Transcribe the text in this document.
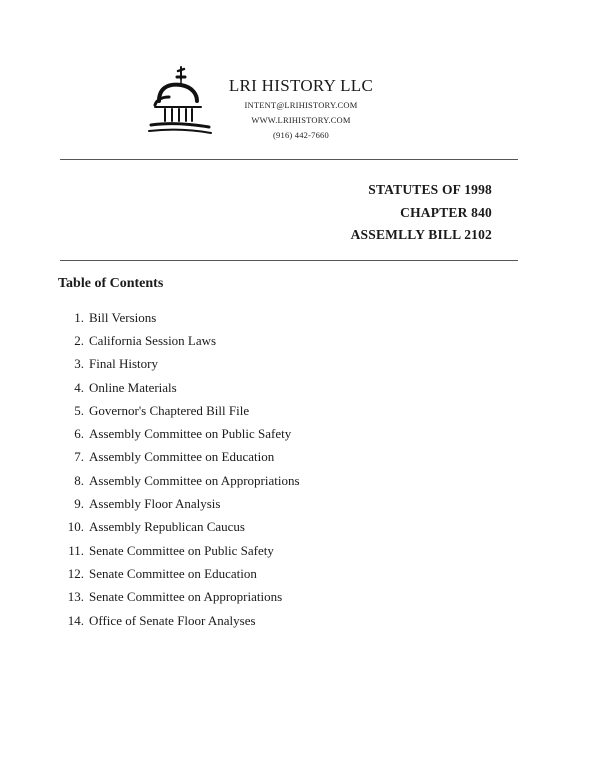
LRI HISTORY LLC
INTENT@LRIHISTORY.COM
WWW.LRIHISTORY.COM
(916) 442-7660
STATUTES OF 1998
CHAPTER 840
ASSEMLLY BILL 2102
Table of Contents
1. Bill Versions
2. California Session Laws
3. Final History
4. Online Materials
5. Governor's Chaptered Bill File
6. Assembly Committee on Public Safety
7. Assembly Committee on Education
8. Assembly Committee on Appropriations
9. Assembly Floor Analysis
10. Assembly Republican Caucus
11. Senate Committee on Public Safety
12. Senate Committee on Education
13. Senate Committee on Appropriations
14. Office of Senate Floor Analyses
